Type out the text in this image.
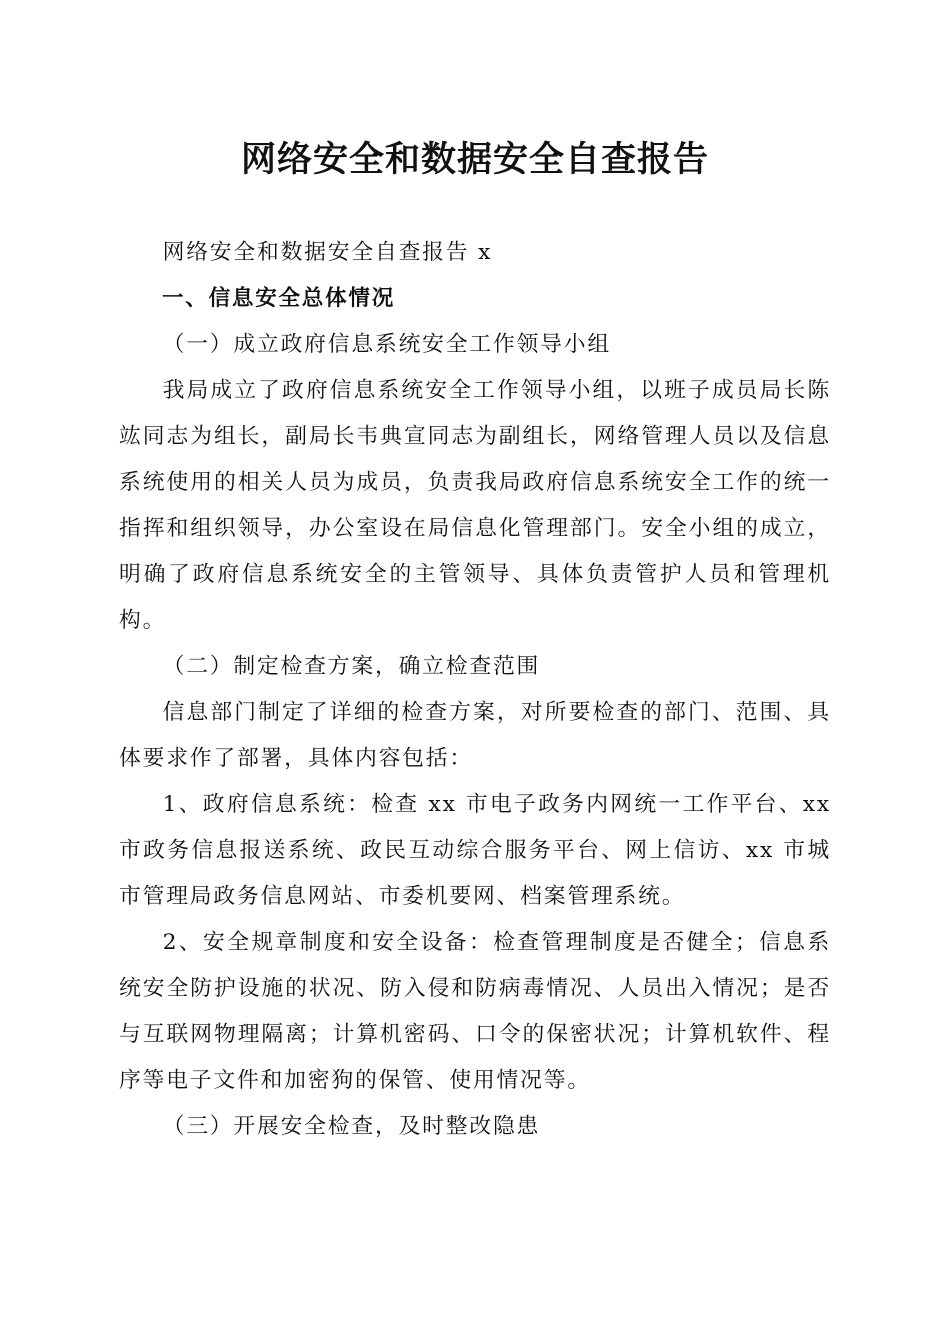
网络安全和数据安全自查报告

网络安全和数据安全自查报告 x

一、信息安全总体情况

（一）成立政府信息系统安全工作领导小组

我局成立了政府信息系统安全工作领导小组，以班子成员局长陈竑同志为组长，副局长韦典宣同志为副组长，网络管理人员以及信息系统使用的相关人员为成员，负责我局政府信息系统安全工作的统一指挥和组织领导，办公室设在局信息化管理部门。安全小组的成立，明确了政府信息系统安全的主管领导、具体负责管护人员和管理机构。

（二）制定检查方案，确立检查范围

信息部门制定了详细的检查方案，对所要检查的部门、范围、具体要求作了部署，具体内容包括：

1、政府信息系统：检查 xx 市电子政务内网统一工作平台、xx 市政务信息报送系统、政民互动综合服务平台、网上信访、xx 市城市管理局政务信息网站、市委机要网、档案管理系统。

2、安全规章制度和安全设备：检查管理制度是否健全；信息系统安全防护设施的状况、防入侵和防病毒情况、人员出入情况；是否与互联网物理隔离；计算机密码、口令的保密状况；计算机软件、程序等电子文件和加密狗的保管、使用情况等。

（三）开展安全检查，及时整改隐患
